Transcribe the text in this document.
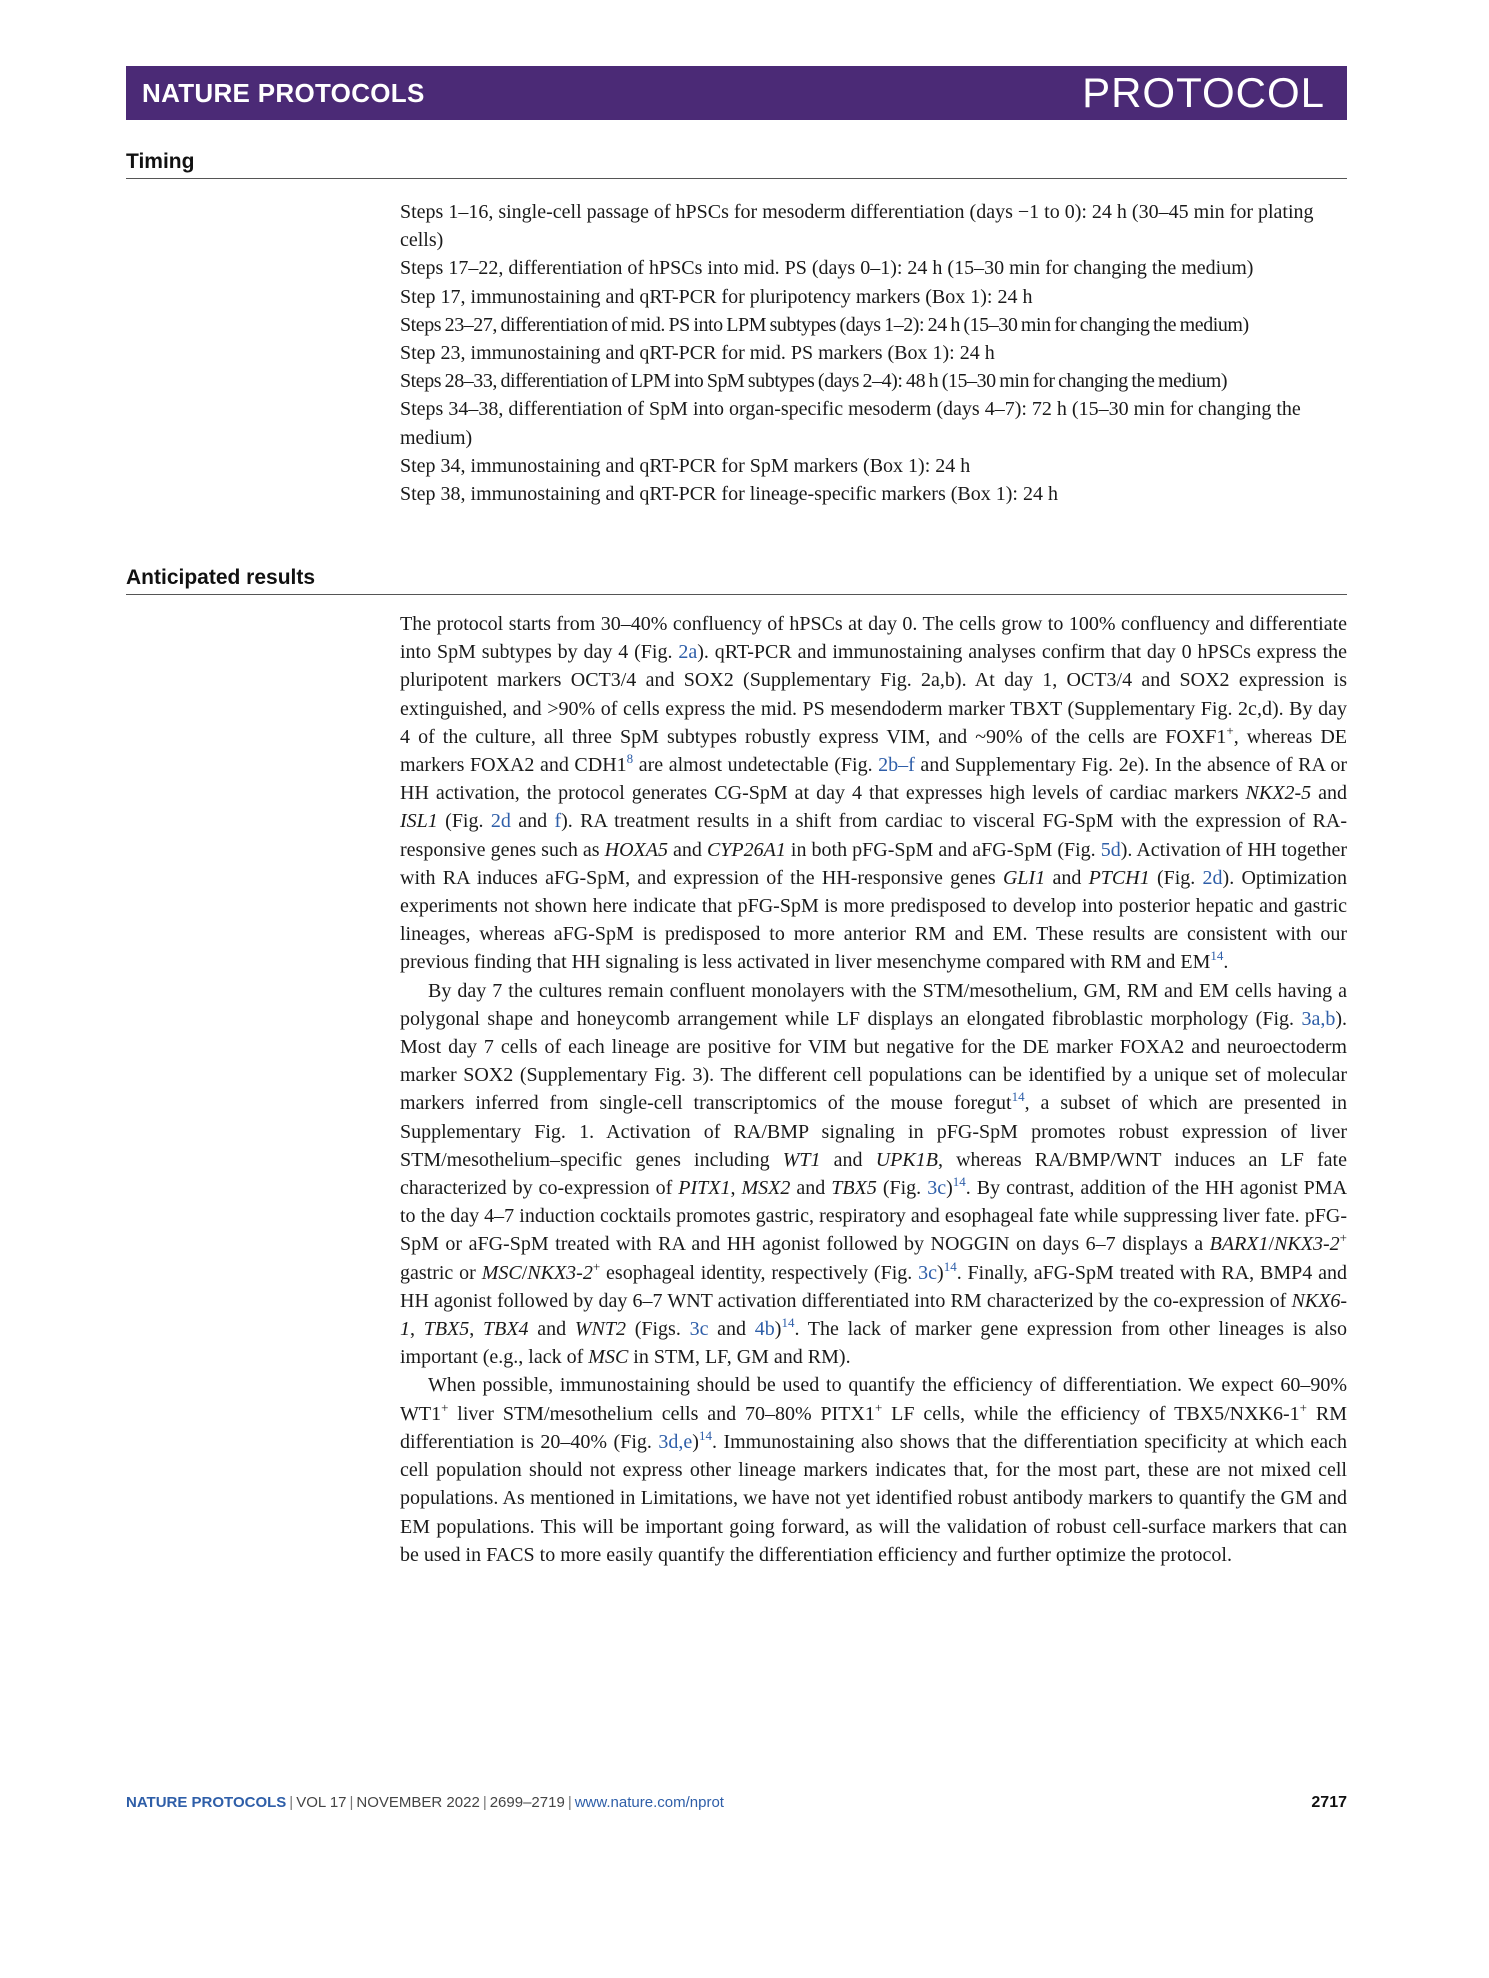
NATURE PROTOCOLS	PROTOCOL
Timing

Steps 1–16, single-cell passage of hPSCs for mesoderm differentiation (days −1 to 0): 24 h (30–45 min for plating cells)

Steps 17–22, differentiation of hPSCs into mid. PS (days 0–1): 24 h (15–30 min for changing the medium)

Step 17, immunostaining and qRT-PCR for pluripotency markers (Box 1): 24 h

Steps 23–27, differentiation of mid. PS into LPM subtypes (days 1–2): 24 h (15–30 min for changing the medium)

Step 23, immunostaining and qRT-PCR for mid. PS markers (Box 1): 24 h

Steps 28–33, differentiation of LPM into SpM subtypes (days 2–4): 48 h (15–30 min for changing the medium)

Steps 34–38, differentiation of SpM into organ-specific mesoderm (days 4–7): 72 h (15–30 min for changing the medium)

Step 34, immunostaining and qRT-PCR for SpM markers (Box 1): 24 h

Step 38, immunostaining and qRT-PCR for lineage-specific markers (Box 1): 24 h

Anticipated results

The protocol starts from 30–40% confluency of hPSCs at day 0. The cells grow to 100% confluency and differentiate into SpM subtypes by day 4 (Fig. 2a). qRT-PCR and immunostaining analyses confirm that day 0 hPSCs express the pluripotent markers OCT3/4 and SOX2 (Supplementary Fig. 2a,b). At day 1, OCT3/4 and SOX2 expression is extinguished, and >90% of cells express the mid. PS mesendoderm marker TBXT (Supplementary Fig. 2c,d). By day 4 of the culture, all three SpM subtypes robustly express VIM, and ~90% of the cells are FOXF1+, whereas DE markers FOXA2 and $CDH1^8$ are almost undetectable (Fig. 2b–f and Supplementary Fig. 2e). In the absence of RA or HH activation, the protocol generates CG-SpM at day 4 that expresses high levels of cardiac markers NKX2-5 and ISL1 (Fig. 2d and f). RA treatment results in a shift from cardiac to visceral FG-SpM with the expression of RA-responsive genes such as HOXA5 and CYP26A1 in both pFG-SpM and aFG-SpM (Fig. 5d). Activation of HH together with RA induces aFG-SpM, and expression of the HH-responsive genes GLI1 and PTCH1 (Fig. 2d). Optimization experiments not shown here indicate that pFG-SpM is more predisposed to develop into posterior hepatic and gastric lineages, whereas aFG-SpM is predisposed to more anterior RM and EM. These results are consistent with our previous finding that HH signaling is less activated in liver mesenchyme compared with RM and EM$^{14}$.

By day 7 the cultures remain confluent monolayers with the STM/mesothelium, GM, RM and EM cells having a polygonal shape and honeycomb arrangement while LF displays an elongated fibroblastic morphology (Fig. 3a,b). Most day 7 cells of each lineage are positive for VIM but negative for the DE marker FOXA2 and neuroectoderm marker SOX2 (Supplementary Fig. 3). The different cell populations can be identified by a unique set of molecular markers inferred from single-cell transcriptomics of the mouse foregut$^{14}$, a subset of which are presented in Supplementary Fig. 1. Activation of RA/BMP signaling in pFG-SpM promotes robust expression of liver STM/mesothelium–specific genes including WT1 and UPK1B, whereas RA/BMP/WNT induces an LF fate characterized by co-expression of PITX1, MSX2 and TBX5 (Fig. 3c)$^{14}$. By contrast, addition of the HH agonist PMA to the day 4–7 induction cocktails promotes gastric, respiratory and esophageal fate while suppressing liver fate. pFG-SpM or aFG-SpM treated with RA and HH agonist followed by NOGGIN on days 6–7 displays a BARX1/NKX3-2+ gastric or MSC/NKX3-2+ esophageal identity, respectively (Fig. 3c)$^{14}$. Finally, aFG-SpM treated with RA, BMP4 and HH agonist followed by day 6–7 WNT activation differentiated into RM characterized by the co-expression of NKX6-1, TBX5, TBX4 and WNT2 (Figs. 3c and 4b)$^{14}$. The lack of marker gene expression from other lineages is also important (e.g., lack of MSC in STM, LF, GM and RM).

When possible, immunostaining should be used to quantify the efficiency of differentiation. We expect 60–90% WT1+ liver STM/mesothelium cells and 70–80% PITX1+ LF cells, while the efficiency of TBX5/NXK6-1+ RM differentiation is 20–40% (Fig. 3d,e)$^{14}$. Immunostaining also shows that the differentiation specificity at which each cell population should not express other lineage markers indicates that, for the most part, these are not mixed cell populations. As mentioned in Limitations, we have not yet identified robust antibody markers to quantify the GM and EM populations. This will be important going forward, as will the validation of robust cell-surface markers that can be used in FACS to more easily quantify the differentiation efficiency and further optimize the protocol.

NATURE PROTOCOLS | VOL 17 | NOVEMBER 2022 | 2699–2719 | www.nature.com/nprot	2717
